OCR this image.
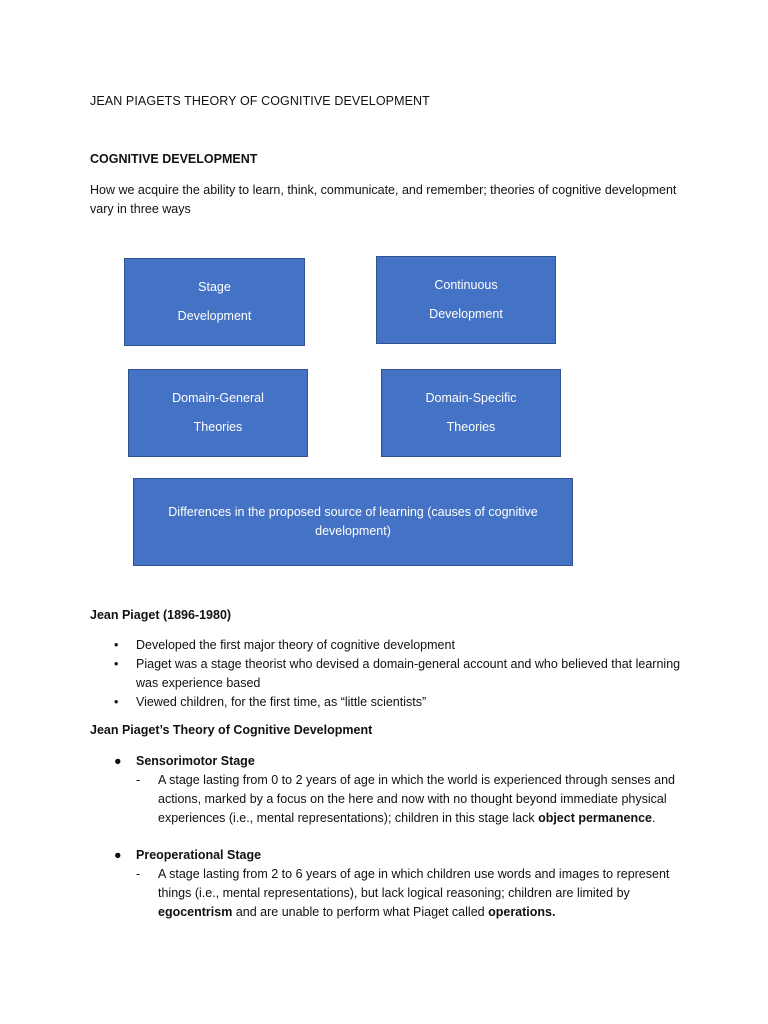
JEAN PIAGETS THEORY OF COGNITIVE DEVELOPMENT
COGNITIVE DEVELOPMENT
How we acquire the ability to learn, think, communicate, and remember; theories of cognitive development vary in three ways
Stage
Development
Continuous
Development
Domain-General
Theories
Domain-Specific
Theories
Differences in the proposed source of learning (causes of cognitive development)
Jean Piaget (1896-1980)
• Developed the first major theory of cognitive development
• Piaget was a stage theorist who devised a domain-general account and who believed that learning was experience based
• Viewed children, for the first time, as “little scientists”
Jean Piaget’s Theory of Cognitive Development
● Sensorimotor Stage
- A stage lasting from 0 to 2 years of age in which the world is experienced through senses and actions, marked by a focus on the here and now with no thought beyond immediate physical experiences (i.e., mental representations); children in this stage lack object permanence.
● Preoperational Stage
- A stage lasting from 2 to 6 years of age in which children use words and images to represent things (i.e., mental representations), but lack logical reasoning; children are limited by egocentrism and are unable to perform what Piaget called operations.
